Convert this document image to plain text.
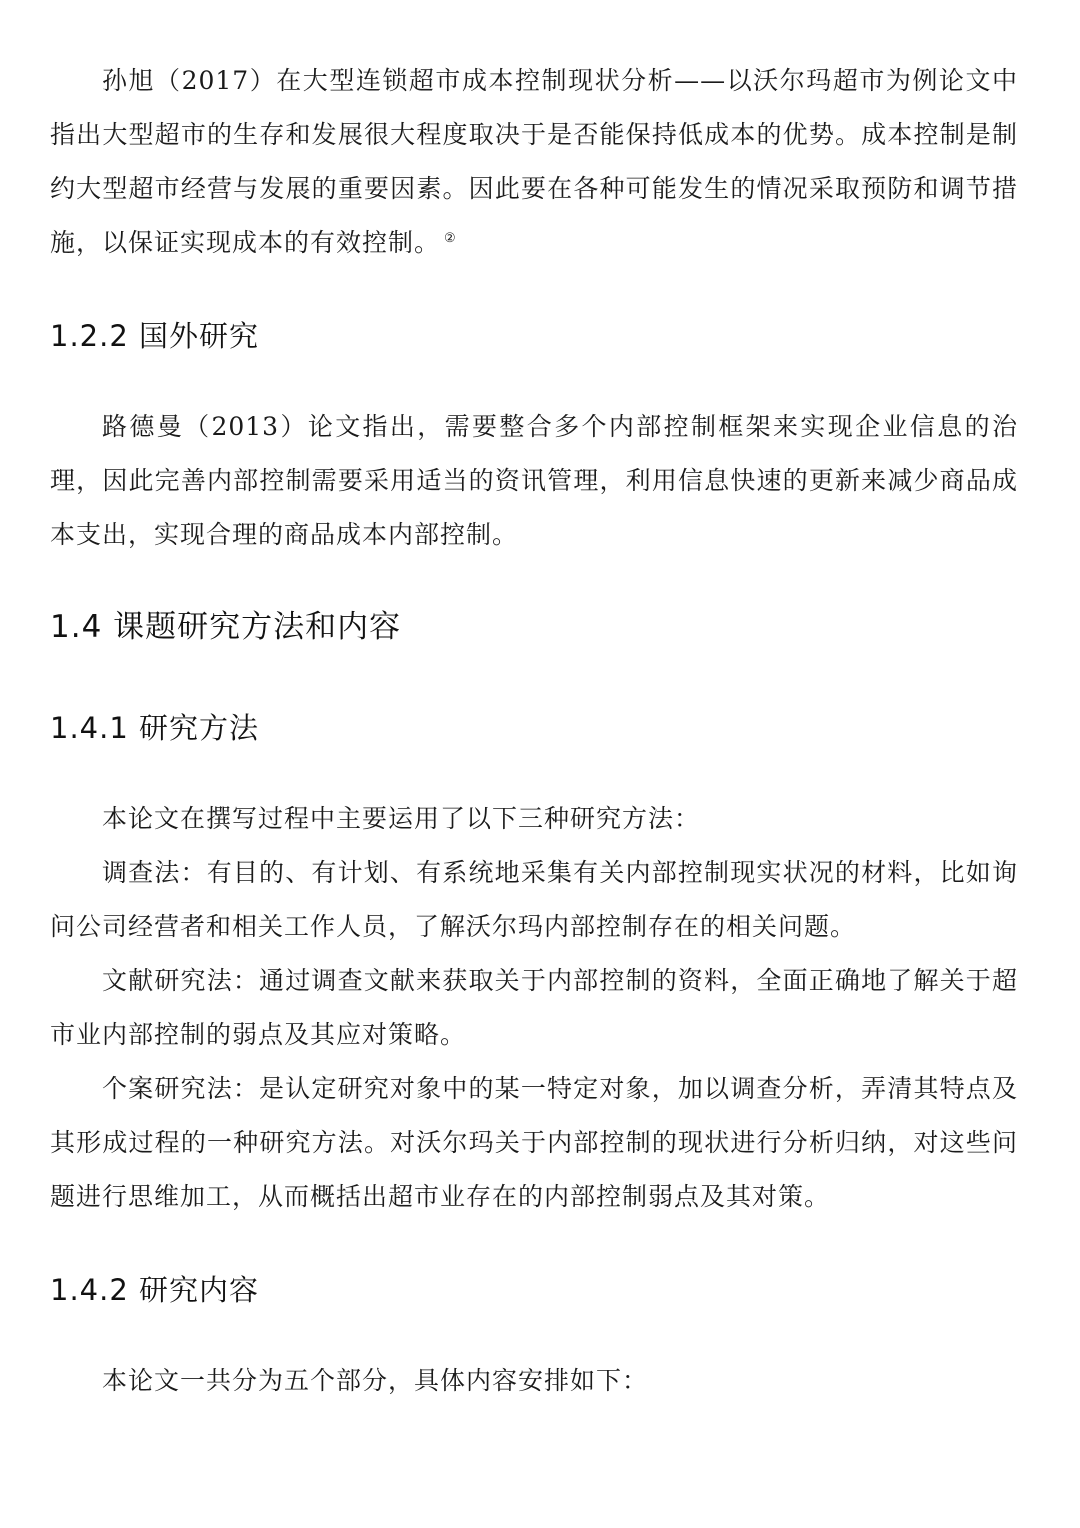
孙旭（2017）在大型连锁超市成本控制现状分析——以沃尔玛超市为例论文中指出大型超市的生存和发展很大程度取决于是否能保持低成本的优势。成本控制是制约大型超市经营与发展的重要因素。因此要在各种可能发生的情况采取预防和调节措施，以保证实现成本的有效控制。 ②

1.2.2 国外研究

路德曼（2013）论文指出，需要整合多个内部控制框架来实现企业信息的治理，因此完善内部控制需要采用适当的资讯管理，利用信息快速的更新来减少商品成本支出，实现合理的商品成本内部控制。

1.4 课题研究方法和内容
1.4.1 研究方法

本论文在撰写过程中主要运用了以下三种研究方法：

调查法：有目的、有计划、有系统地采集有关内部控制现实状况的材料，比如询问公司经营者和相关工作人员，了解沃尔玛内部控制存在的相关问题。

文献研究法：通过调查文献来获取关于内部控制的资料，全面正确地了解关于超市业内部控制的弱点及其应对策略。

个案研究法：是认定研究对象中的某一特定对象，加以调查分析，弄清其特点及其形成过程的一种研究方法。对沃尔玛关于内部控制的现状进行分析归纳，对这些问题进行思维加工，从而概括出超市业存在的内部控制弱点及其对策。

1.4.2 研究内容

本论文一共分为五个部分，具体内容安排如下：
